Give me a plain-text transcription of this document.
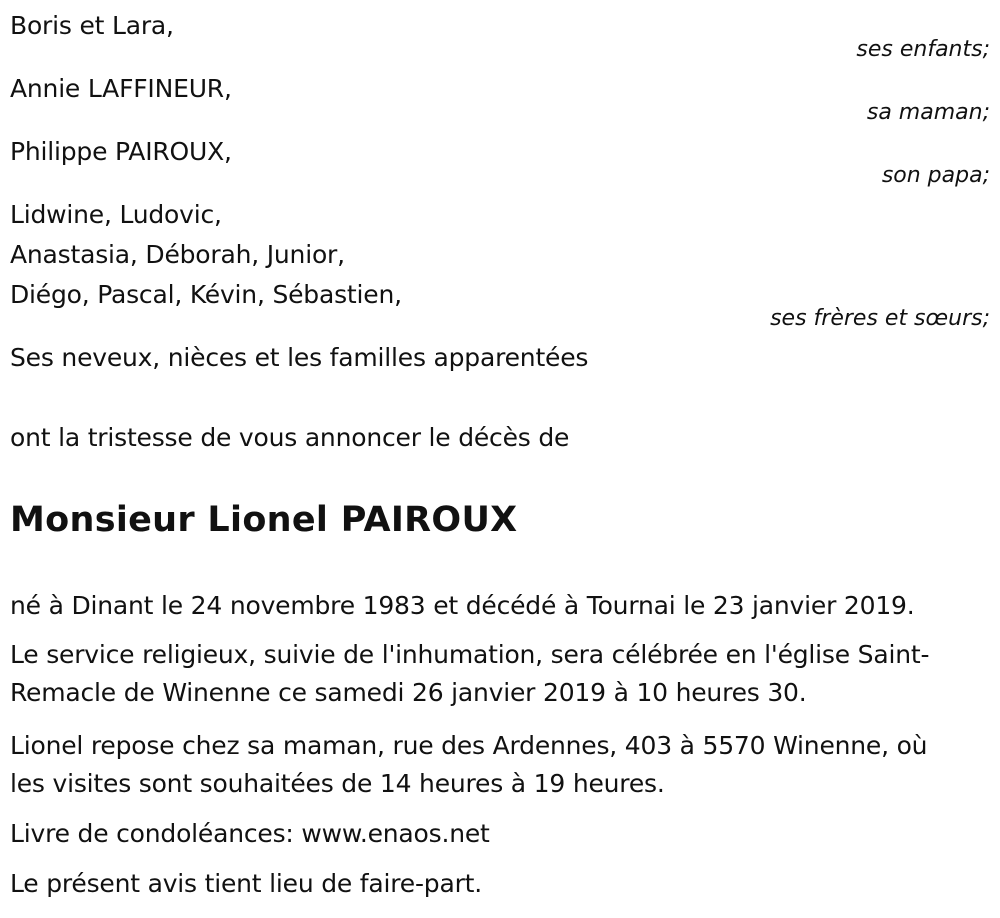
Boris et Lara,
ses enfants;
Annie LAFFINEUR,
sa maman;
Philippe PAIROUX,
son papa;
Lidwine, Ludovic,
Anastasia, Déborah, Junior,
Diégo, Pascal, Kévin, Sébastien,
ses frères et sœurs;
Ses neveux, nièces et les familles apparentées
ont la tristesse de vous annoncer le décès de
Monsieur Lionel PAIROUX
né à Dinant le 24 novembre 1983 et décédé à Tournai le 23 janvier 2019.
Le service religieux, suivie de l'inhumation, sera célébrée en l'église Saint-
Remacle de Winenne ce samedi 26 janvier 2019 à 10 heures 30.
Lionel repose chez sa maman, rue des Ardennes, 403 à 5570 Winenne, où
les visites sont souhaitées de 14 heures à 19 heures.
Livre de condoléances: www.enaos.net
Le présent avis tient lieu de faire-part.
